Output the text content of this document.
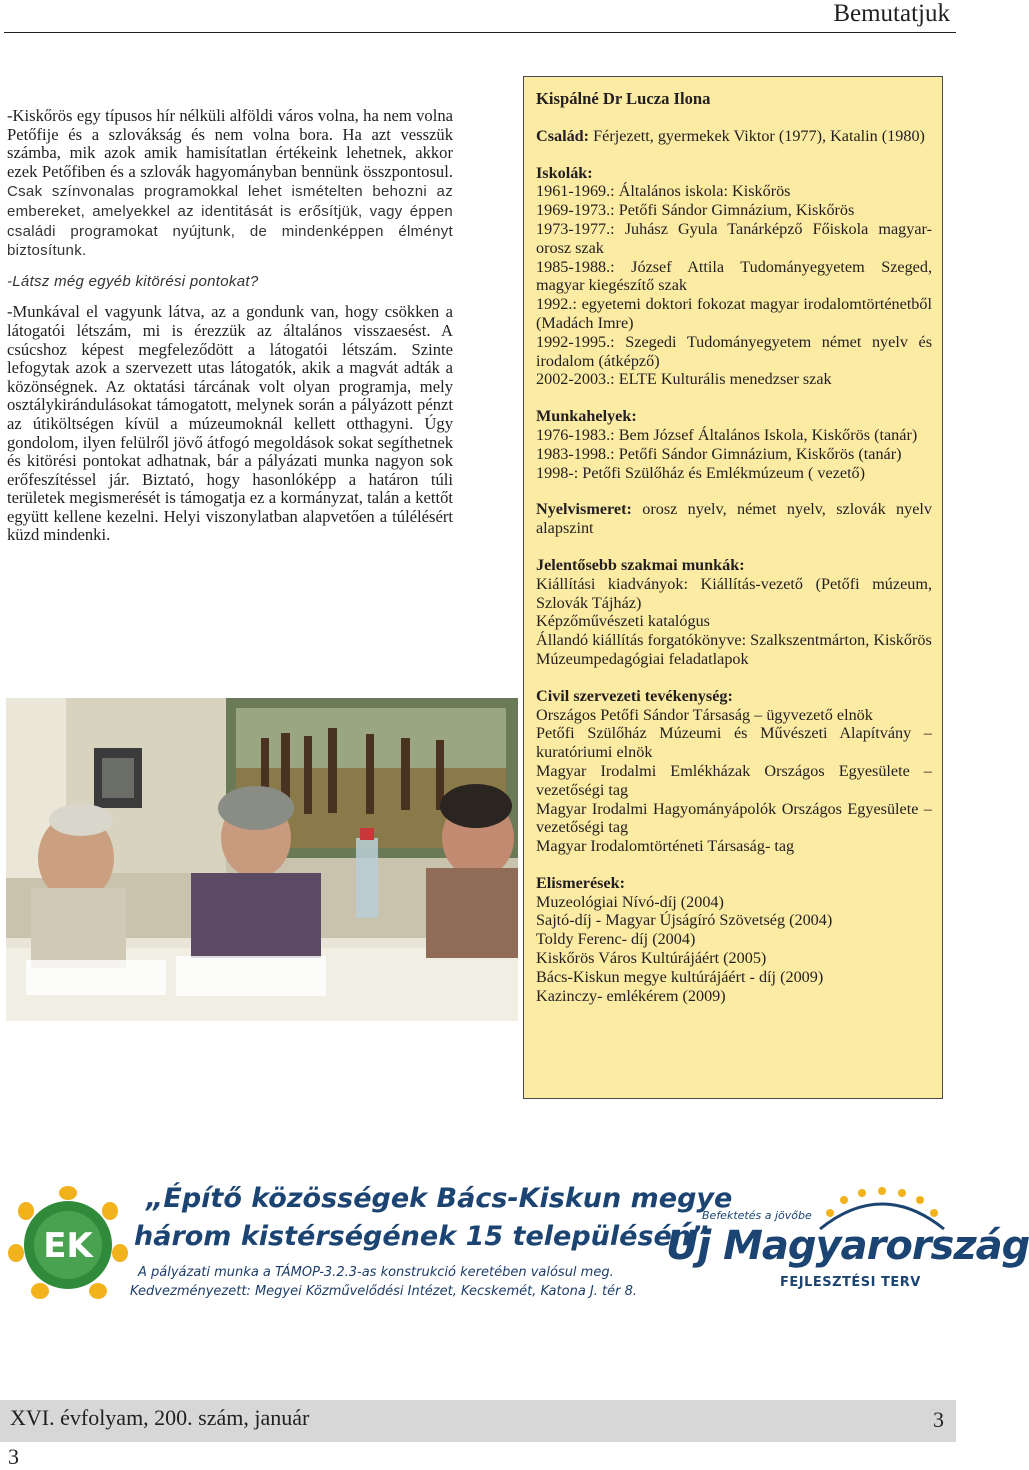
Bemutatjuk

-Kiskőrös egy típusos hír nélküli alföldi város volna, ha nem volna Petőfije és a szlovákság és nem volna bora. Ha azt vesszük számba, mik azok amik hamisítatlan értékeink lehetnek, akkor ezek Petőfiben és a szlovák hagyományban bennünk összpontosul. Csak színvonalas programokkal lehet ismételten behozni az embereket, amelyekkel az identitását is erősítjük, vagy éppen családi programokat nyújtunk, de mindenképpen élményt biztosítunk.

-Látsz még egyéb kitörési pontokat?

-Munkával el vagyunk látva, az a gondunk van, hogy csökken a látogatói létszám, mi is érezzük az általános visszaesést. A csúcshoz képest megfeleződött a látogatói létszám. Szinte lefogytak azok a szervezett utas látogatók, akik a magvát adták a közönségnek. Az oktatási tárcának volt olyan programja, mely osztálykirándulásokat támogatott, melynek során a pályázott pénzt az útiköltségen kívül a múzeumoknál kellett otthagyni. Úgy gondolom, ilyen felülről jövő átfogó megoldások sokat segíthetnek és kitörési pontokat adhatnak, bár a pályázati munka nagyon sok erőfeszítéssel jár. Biztató, hogy hasonlóképp a határon túli területek megismerését is támogatja ez a kormányzat, talán a kettőt együtt kellene kezelni. Helyi viszonylatban alapvetően a túlélésért küzd mindenki.

Kispálné Dr Lucza Ilona
Család: Férjezett, gyermekek Viktor (1977), Katalin (1980)
Iskolák:
1961-1969.: Általános iskola: Kiskőrös
1969-1973.: Petőfi Sándor Gimnázium, Kiskőrös
1973-1977.: Juhász Gyula Tanárképző Főiskola magyar-orosz szak
1985-1988.: József Attila Tudományegyetem Szeged, magyar kiegészítő szak
1992.: egyetemi doktori fokozat magyar irodalomtörténetből (Madách Imre)
1992-1995.: Szegedi Tudományegyetem német nyelv és irodalom (átképző)
2002-2003.: ELTE Kulturális menedzser szak
Munkahelyek:
1976-1983.: Bem József Általános Iskola, Kiskőrös (tanár)
1983-1998.: Petőfi Sándor Gimnázium, Kiskőrös (tanár)
1998-: Petőfi Szülőház és Emlékmúzeum ( vezető)
Nyelvismeret: orosz nyelv, német nyelv, szlovák nyelv alapszint
Jelentősebb szakmai munkák:
Kiállítási kiadványok: Kiállítás-vezető (Petőfi múzeum, Szlovák Tájház)
Képzőművészeti katalógus
Állandó kiállítás forgatókönyve: Szalkszentmárton, Kiskőrös
Múzeumpedagógiai feladatlapok
Civil szervezeti tevékenység:
Országos Petőfi Sándor Társaság – ügyvezető elnök
Petőfi Szülőház Múzeumi és Művészeti Alapítvány – kuratóriumi elnök
Magyar Irodalmi Emlékházak Országos Egyesülete – vezetőségi tag
Magyar Irodalmi Hagyományápolók Országos Egyesülete – vezetőségi tag
Magyar Irodalomtörténeti Társaság- tag
Elismerések:
Muzeológiai Nívó-díj (2004)
Sajtó-díj - Magyar Újságíró Szövetség (2004)
Toldy Ferenc- díj (2004)
Kiskőrös Város Kultúrájáért (2005)
Bács-Kiskun megye kultúrájáért - díj (2009)
Kazinczy- emlékérem (2009)
EK
„Építő közösségek Bács-Kiskun megye
három kistérségének 15 településén”
A pályázati munka a TÁMOP-3.2.3-as konstrukció keretében valósul meg.
Kedvezményezett: Megyei Közművelődési Intézet, Kecskemét, Katona J. tér 8.
Befektetés a jövőbe
Új Magyarország
FEJLESZTÉSI TERV
XVI. évfolyam, 200. szám, január	3
3
